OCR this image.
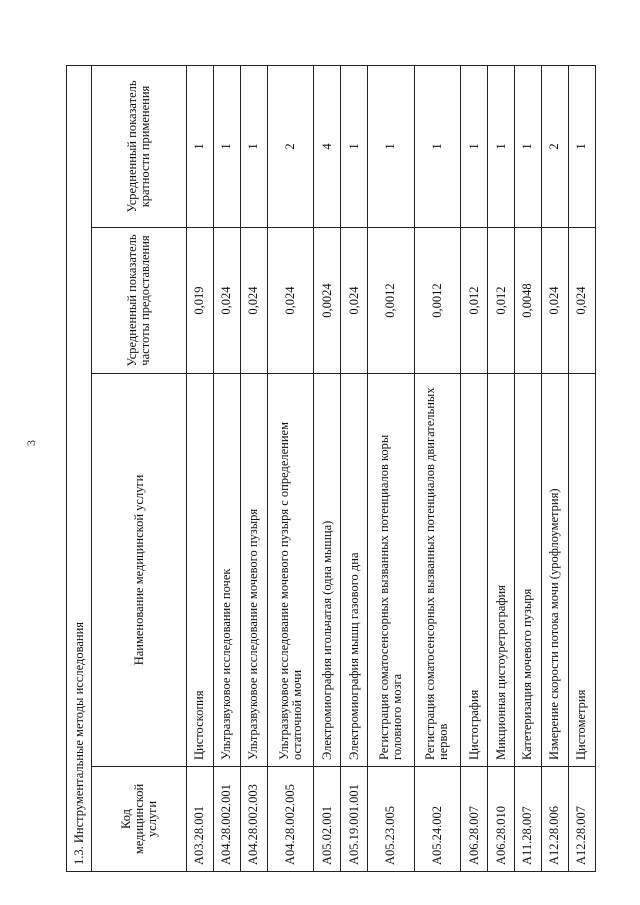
3
1.3. Инструментальные методы исследования			
Код медицинской услуги	Наименование медицинской услуги	Усредненный показатель частоты предоставления	Усредненный показатель кратности применения
A03.28.001	Цистоскопия	0,019	1
A04.28.002.001	Ультразвуковое исследование почек	0,024	1
A04.28.002.003	Ультразвуковое исследование мочевого пузыря	0,024	1
A04.28.002.005	Ультразвуковое исследование мочевого пузыря с определением остаточной мочи	0,024	2
A05.02.001	Электромиография игольчатая (одна мышца)	0,0024	4
A05.19.001.001	Электромиография мышц газового дна	0,024	1
A05.23.005	Регистрация соматосенсорных вызванных потенциалов коры головного мозга	0,0012	1
A05.24.002	Регистрация соматосенсорных вызванных потенциалов двигательных нервов	0,0012	1
A06.28.007	Цистография	0,012	1
A06.28.010	Микционная цистоуретрография	0,012	1
A11.28.007	Катетеризация мочевого пузыря	0,0048	1
A12.28.006	Измерение скорости потока мочи (урофлоуметрия)	0,024	2
A12.28.007	Цистометрия	0,024	1
